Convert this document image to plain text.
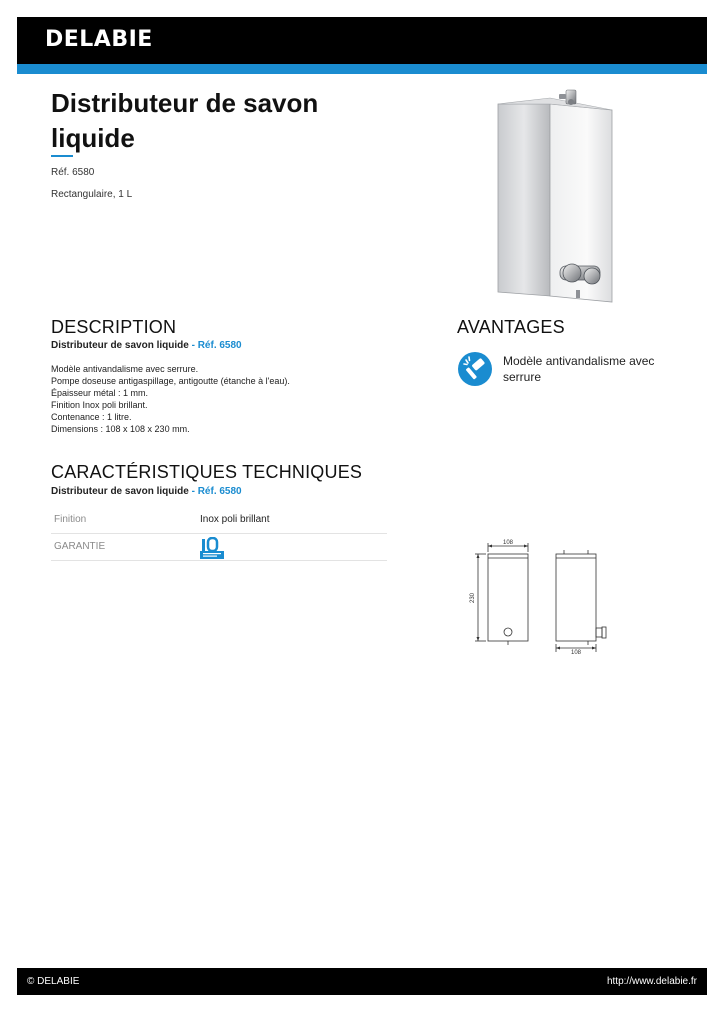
DELABIE
Distributeur de savon liquide
Réf. 6580
Rectangulaire, 1 L
DESCRIPTION
Distributeur de savon liquide - Réf. 6580
Modèle antivandalisme avec serrure.
Pompe doseuse antigaspillage, antigoutte (étanche à l'eau).
Épaisseur métal : 1 mm.
Finition Inox poli brillant.
Contenance : 1 litre.
Dimensions : 108 x 108 x 230 mm.
AVANTAGES
Modèle antivandalisme avec serrure
CARACTÉRISTIQUES TECHNIQUES
Distributeur de savon liquide - Réf. 6580
Finition	Inox poli brillant
GARANTIE	108
108
230
© DELABIE	http://www.delabie.fr
